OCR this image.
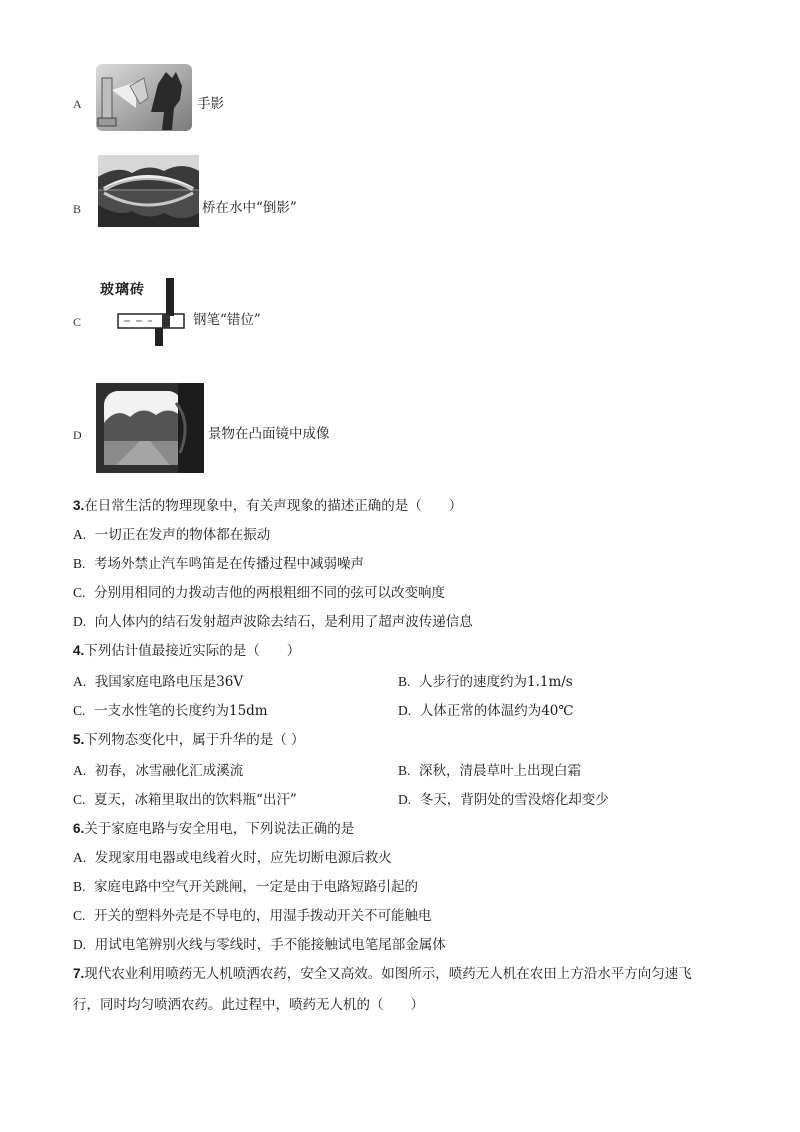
A	手影
B	桥在水中“倒影”
C
玻璃砖
钢笔“错位”
D	景物在凸面镜中成像
3.在日常生活的物理现象中，有关声现象的描述正确的是（　　）
A. 一切正在发声的物体都在振动
B. 考场外禁止汽车鸣笛是在传播过程中减弱噪声
C. 分别用相同的力拨动吉他的两根粗细不同的弦可以改变响度
D. 向人体内的结石发射超声波除去结石，是利用了超声波传递信息
4.下列估计值最接近实际的是（　　）
A. 我国家庭电路电压是36V	B. 人步行的速度约为1.1m/s
C. 一支水性笔的长度约为15dm	D. 人体正常的体温约为40℃
5.下列物态变化中，属于升华的是（ ）
A. 初春，冰雪融化汇成溪流	B. 深秋，清晨草叶上出现白霜
C. 夏天，冰箱里取出的饮料瓶“出汗”	D. 冬天，背阴处的雪没熔化却变少
6.关于家庭电路与安全用电，下列说法正确的是
A. 发现家用电器或电线着火时，应先切断电源后救火
B. 家庭电路中空气开关跳闸，一定是由于电路短路引起的
C. 开关的塑料外壳是不导电的，用湿手拨动开关不可能触电
D. 用试电笔辨别火线与零线时，手不能接触试电笔尾部金属体
7.现代农业利用喷药无人机喷洒农药，安全又高效。如图所示，喷药无人机在农田上方沿水平方向匀速飞
行，同时均匀喷洒农药。此过程中，喷药无人机的（　　）
